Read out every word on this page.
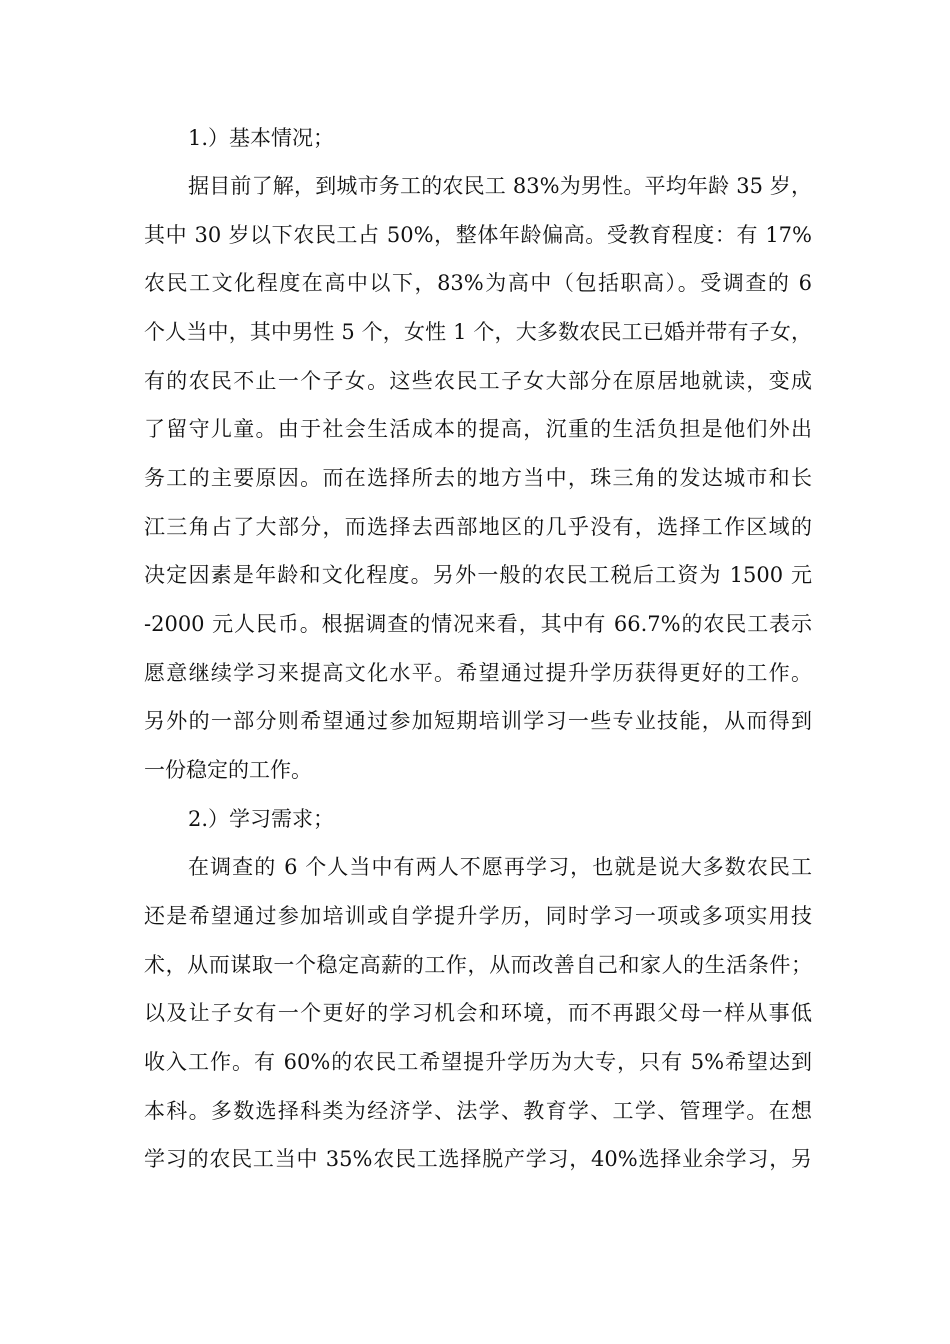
1.）基本情况；
据目前了解，到城市务工的农民工 83%为男性。平均年龄 35 岁，
其中 30 岁以下农民工占 50%，整体年龄偏高。受教育程度：有 17%
农民工文化程度在高中以下，83%为高中（包括职高）。受调查的 6
个人当中，其中男性 5 个，女性 1 个，大多数农民工已婚并带有子女，
有的农民不止一个子女。这些农民工子女大部分在原居地就读，变成
了留守儿童。由于社会生活成本的提高，沉重的生活负担是他们外出
务工的主要原因。而在选择所去的地方当中，珠三角的发达城市和长
江三角占了大部分，而选择去西部地区的几乎没有，选择工作区域的
决定因素是年龄和文化程度。另外一般的农民工税后工资为 1500 元
-2000 元人民币。根据调查的情况来看，其中有 66.7%的农民工表示
愿意继续学习来提高文化水平。希望通过提升学历获得更好的工作。
另外的一部分则希望通过参加短期培训学习一些专业技能，从而得到
一份稳定的工作。
2.）学习需求；
在调查的 6 个人当中有两人不愿再学习，也就是说大多数农民工
还是希望通过参加培训或自学提升学历，同时学习一项或多项实用技
术，从而谋取一个稳定高薪的工作，从而改善自己和家人的生活条件；
以及让子女有一个更好的学习机会和环境，而不再跟父母一样从事低
收入工作。有 60%的农民工希望提升学历为大专，只有 5%希望达到
本科。多数选择科类为经济学、法学、教育学、工学、管理学。在想
学习的农民工当中 35%农民工选择脱产学习，40%选择业余学习，另
